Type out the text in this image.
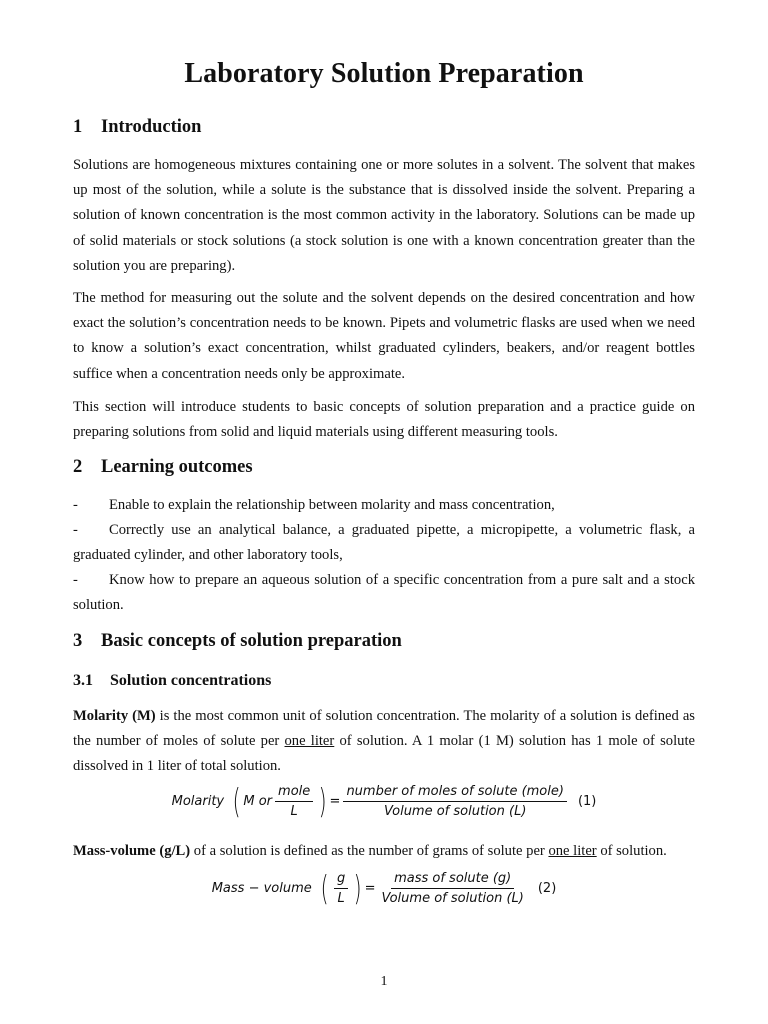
Laboratory Solution Preparation
1 Introduction
Solutions are homogeneous mixtures containing one or more solutes in a solvent. The solvent that makes up most of the solution, while a solute is the substance that is dissolved inside the solvent. Preparing a solution of known concentration is the most common activity in the laboratory. Solutions can be made up of solid materials or stock solutions (a stock solution is one with a known concentration greater than the solution you are preparing).
The method for measuring out the solute and the solvent depends on the desired concentration and how exact the solution’s concentration needs to be known. Pipets and volumetric flasks are used when we need to know a solution’s exact concentration, whilst graduated cylinders, beakers, and/or reagent bottles suffice when a concentration needs only be approximate.
This section will introduce students to basic concepts of solution preparation and a practice guide on preparing solutions from solid and liquid materials using different measuring tools.
2 Learning outcomes
- Enable to explain the relationship between molarity and mass concentration,
- Correctly use an analytical balance, a graduated pipette, a micropipette, a volumetric flask, a graduated cylinder, and other laboratory tools,
- Know how to prepare an aqueous solution of a specific concentration from a pure salt and a stock solution.
3 Basic concepts of solution preparation
3.1 Solution concentrations
Molarity (M) is the most common unit of solution concentration. The molarity of a solution is defined as the number of moles of solute per one liter of solution. A 1 molar (1 M) solution has 1 mole of solute dissolved in 1 liter of total solution.
Molarity ( M or $\frac{\text{mole}}{L}$ ) = $\frac{\text{number of moles of solute (mole)}}{\text{Volume of solution (L)}} (1)$
Mass-volume (g/L) of a solution is defined as the number of grams of solute per one liter of solution.
Mass − volume ( $\frac{g}{L}$ ) = $\frac{\text{mass of solute (g)}}{\text{Volume of solution (L)}} (2)$
1
